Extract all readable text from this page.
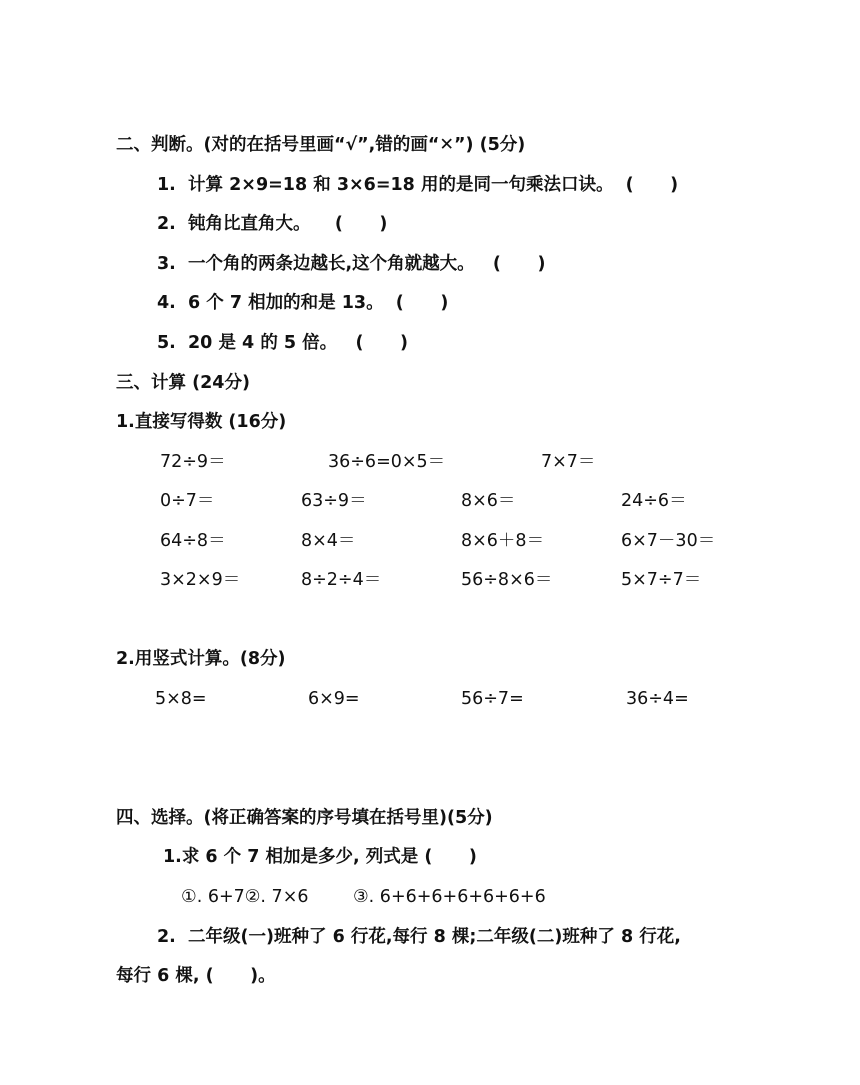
二、判断。(对的在括号里画“√”,错的画“✕”) (5分)
1.  计算 2×9=18 和 3×6=18 用的是同一句乘法口诀。  (      )
2.  钝角比直角大。    (      )
3.  一个角的两条边越长,这个角就越大。   (      )
4.  6 个 7 相加的和是 13。  (      )
5.  20 是 4 的 5 倍。   (      )
三、计算 (24分)
1.直接写得数 (16分)
72÷9＝	36÷6=0×5＝	7×7＝
0÷7＝	63÷9＝	8×6＝	24÷6＝
64÷8＝	8×4＝	8×6＋8＝	6×7－30＝
3×2×9＝	8÷2÷4＝	56÷8×6＝	5×7÷7＝
2.用竖式计算。(8分)
5×8=	6×9=	56÷7=	36÷4=
四、选择。(将正确答案的序号填在括号里)(5分)
1.求 6 个 7 相加是多少, 列式是 (      )
①. 6+7②. 7×6        ③. 6+6+6+6+6+6+6
2.  二年级(一)班种了 6 行花,每行 8 棵;二年级(二)班种了 8 行花,
每行 6 棵, (      )。
